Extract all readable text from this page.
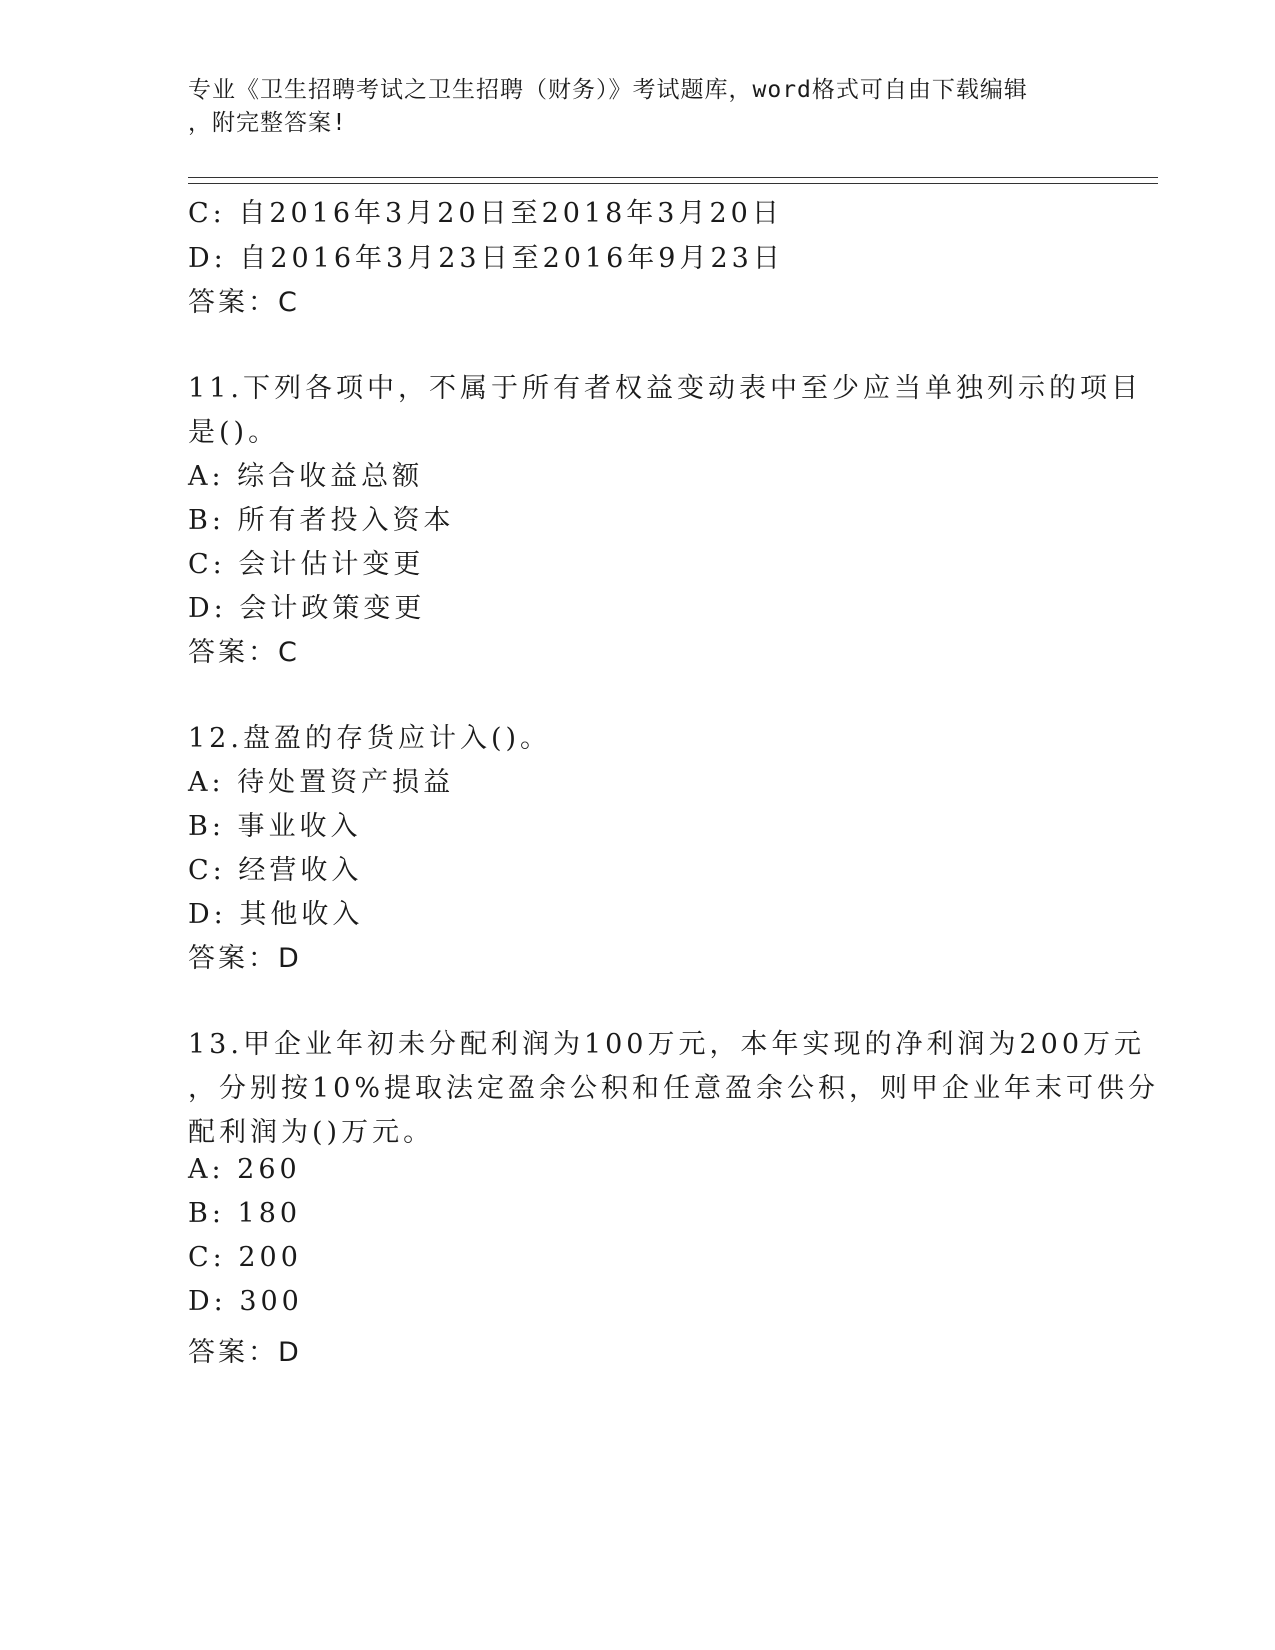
专业《卫生招聘考试之卫生招聘（财务）》考试题库，word格式可自由下载编辑
，附完整答案!
C: 自2016年3月20日至2018年3月20日
D: 自2016年3月23日至2016年9月23日
答案：C
11.下列各项中，不属于所有者权益变动表中至少应当单独列示的项目
是()。
A: 综合收益总额
B: 所有者投入资本
C: 会计估计变更
D: 会计政策变更
答案：C
12.盘盈的存货应计入()。
A: 待处置资产损益
B: 事业收入
C: 经营收入
D: 其他收入
答案：D
13.甲企业年初未分配利润为100万元，本年实现的净利润为200万元
，分别按10%提取法定盈余公积和任意盈余公积，则甲企业年末可供分
配利润为()万元。
A: 260
B: 180
C: 200
D: 300
答案：D
